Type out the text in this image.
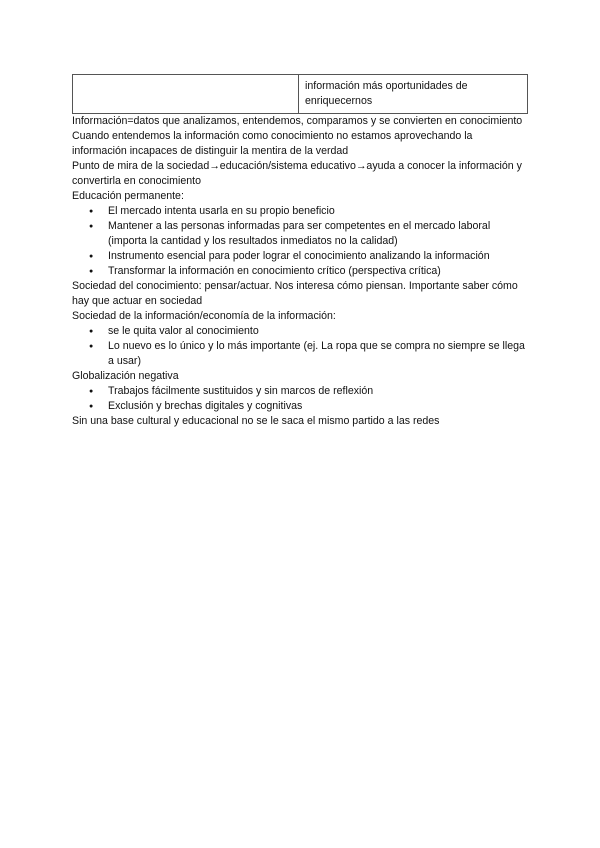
	información más oportunidades de enriquecernos

Información=datos que analizamos, entendemos, comparamos y se convierten en conocimiento

Cuando entendemos la información como conocimiento no estamos aprovechando la información incapaces de distinguir la mentira de la verdad

Punto de mira de la sociedad→educación/sistema educativo→ayuda a conocer la información y convertirla en conocimiento

Educación permanente:

● El mercado intenta usarla en su propio beneficio
● Mantener a las personas informadas para ser competentes en el mercado laboral (importa la cantidad y los resultados inmediatos no la calidad)
● Instrumento esencial para poder lograr el conocimiento analizando la información
● Transformar la información en conocimiento crítico (perspectiva crítica)

Sociedad del conocimiento: pensar/actuar. Nos interesa cómo piensan. Importante saber cómo hay que actuar en sociedad

Sociedad de la información/economía de la información:

● se le quita valor al conocimiento
● Lo nuevo es lo único y lo más importante (ej. La ropa que se compra no siempre se llega a usar)

Globalización negativa

● Trabajos fácilmente sustituidos y sin marcos de reflexión
● Exclusión y brechas digitales y cognitivas

Sin una base cultural y educacional no se le saca el mismo partido a las redes
